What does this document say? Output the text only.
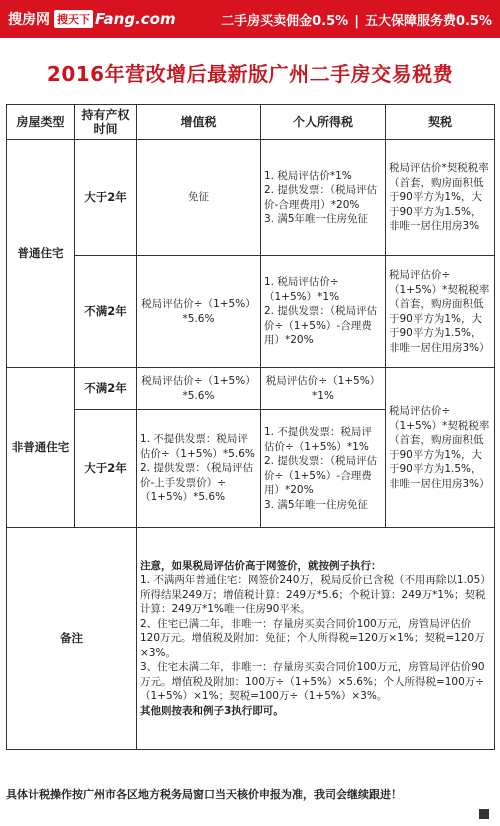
搜房网 搜天下 Fang.com	二手房买卖佣金0.5% | 五大保障服务费0.5%
2016年营改增后最新版广州二手房交易税费
房屋类型	持有产权时间	增值税	个人所得税	契税
普通住宅	大于2年	免征	1. 税局评估价*1%
2. 提供发票：（税局评估价-合理费用）*20%
3. 满5年唯一住房免征	税局评估价*契税税率
（首套，购房面积低于90平方为1%，大于90平方为1.5%，非唯一居住用房3%
	不满2年	税局评估价÷（1+5%）*5.6%	1. 税局评估价÷（1+5%）*1%
2. 提供发票：（税局评估价÷（1+5%）-合理费用）*20%	税局评估价÷（1+5%）*契税税率（首套，购房面积低于90平方为1%，大于90平方为1.5%，非唯一居住用房3%）
非普通住宅	不满2年	税局评估价÷（1+5%）*5.6%	税局评估价÷（1+5%）*1%	税局评估价÷（1+5%）*契税税率（首套，购房面积低于90平方为1%，大于90平方为1.5%，非唯一居住用房3%）
	大于2年	1. 不提供发票：税局评估价÷（1+5%）*5.6%
2. 提供发票：（税局评估价-上手发票价）÷（1+5%）*5.6%	1. 不提供发票：税局评估价÷（1+5%）*1%
2. 提供发票：（税局评估价÷（1+5%）-合理费用）*20%
3. 满5年唯一住房免征	
备注		注意，如果税局评估价高于网签价，就按例子执行：
1. 不满两年普通住宅：网签价240万，税局反价已含税（不用再除以1.05）所得结果249万；增值税计算：249万*5.6；个税计算：249万*1%；契税计算：249万*1%唯一住房90平米。
2、住宅已满二年，非唯一：存量房买卖合同价100万元，房管局评估价120万元。增值税及附加：免征；个人所得税=120万×1%；契税=120万×3%。
3、住宅未满二年，非唯一：存量房买卖合同价100万元，房管局评估价90万元。增值税及附加：100万÷（1+5%）×5.6%；个人所得税=100万÷（1+5%）×1%；契税=100万÷（1+5%）×3%。
其他则按表和例子3执行即可。		
具体计税操作按广州市各区地方税务局窗口当天核价申报为准，我司会继续跟进！
